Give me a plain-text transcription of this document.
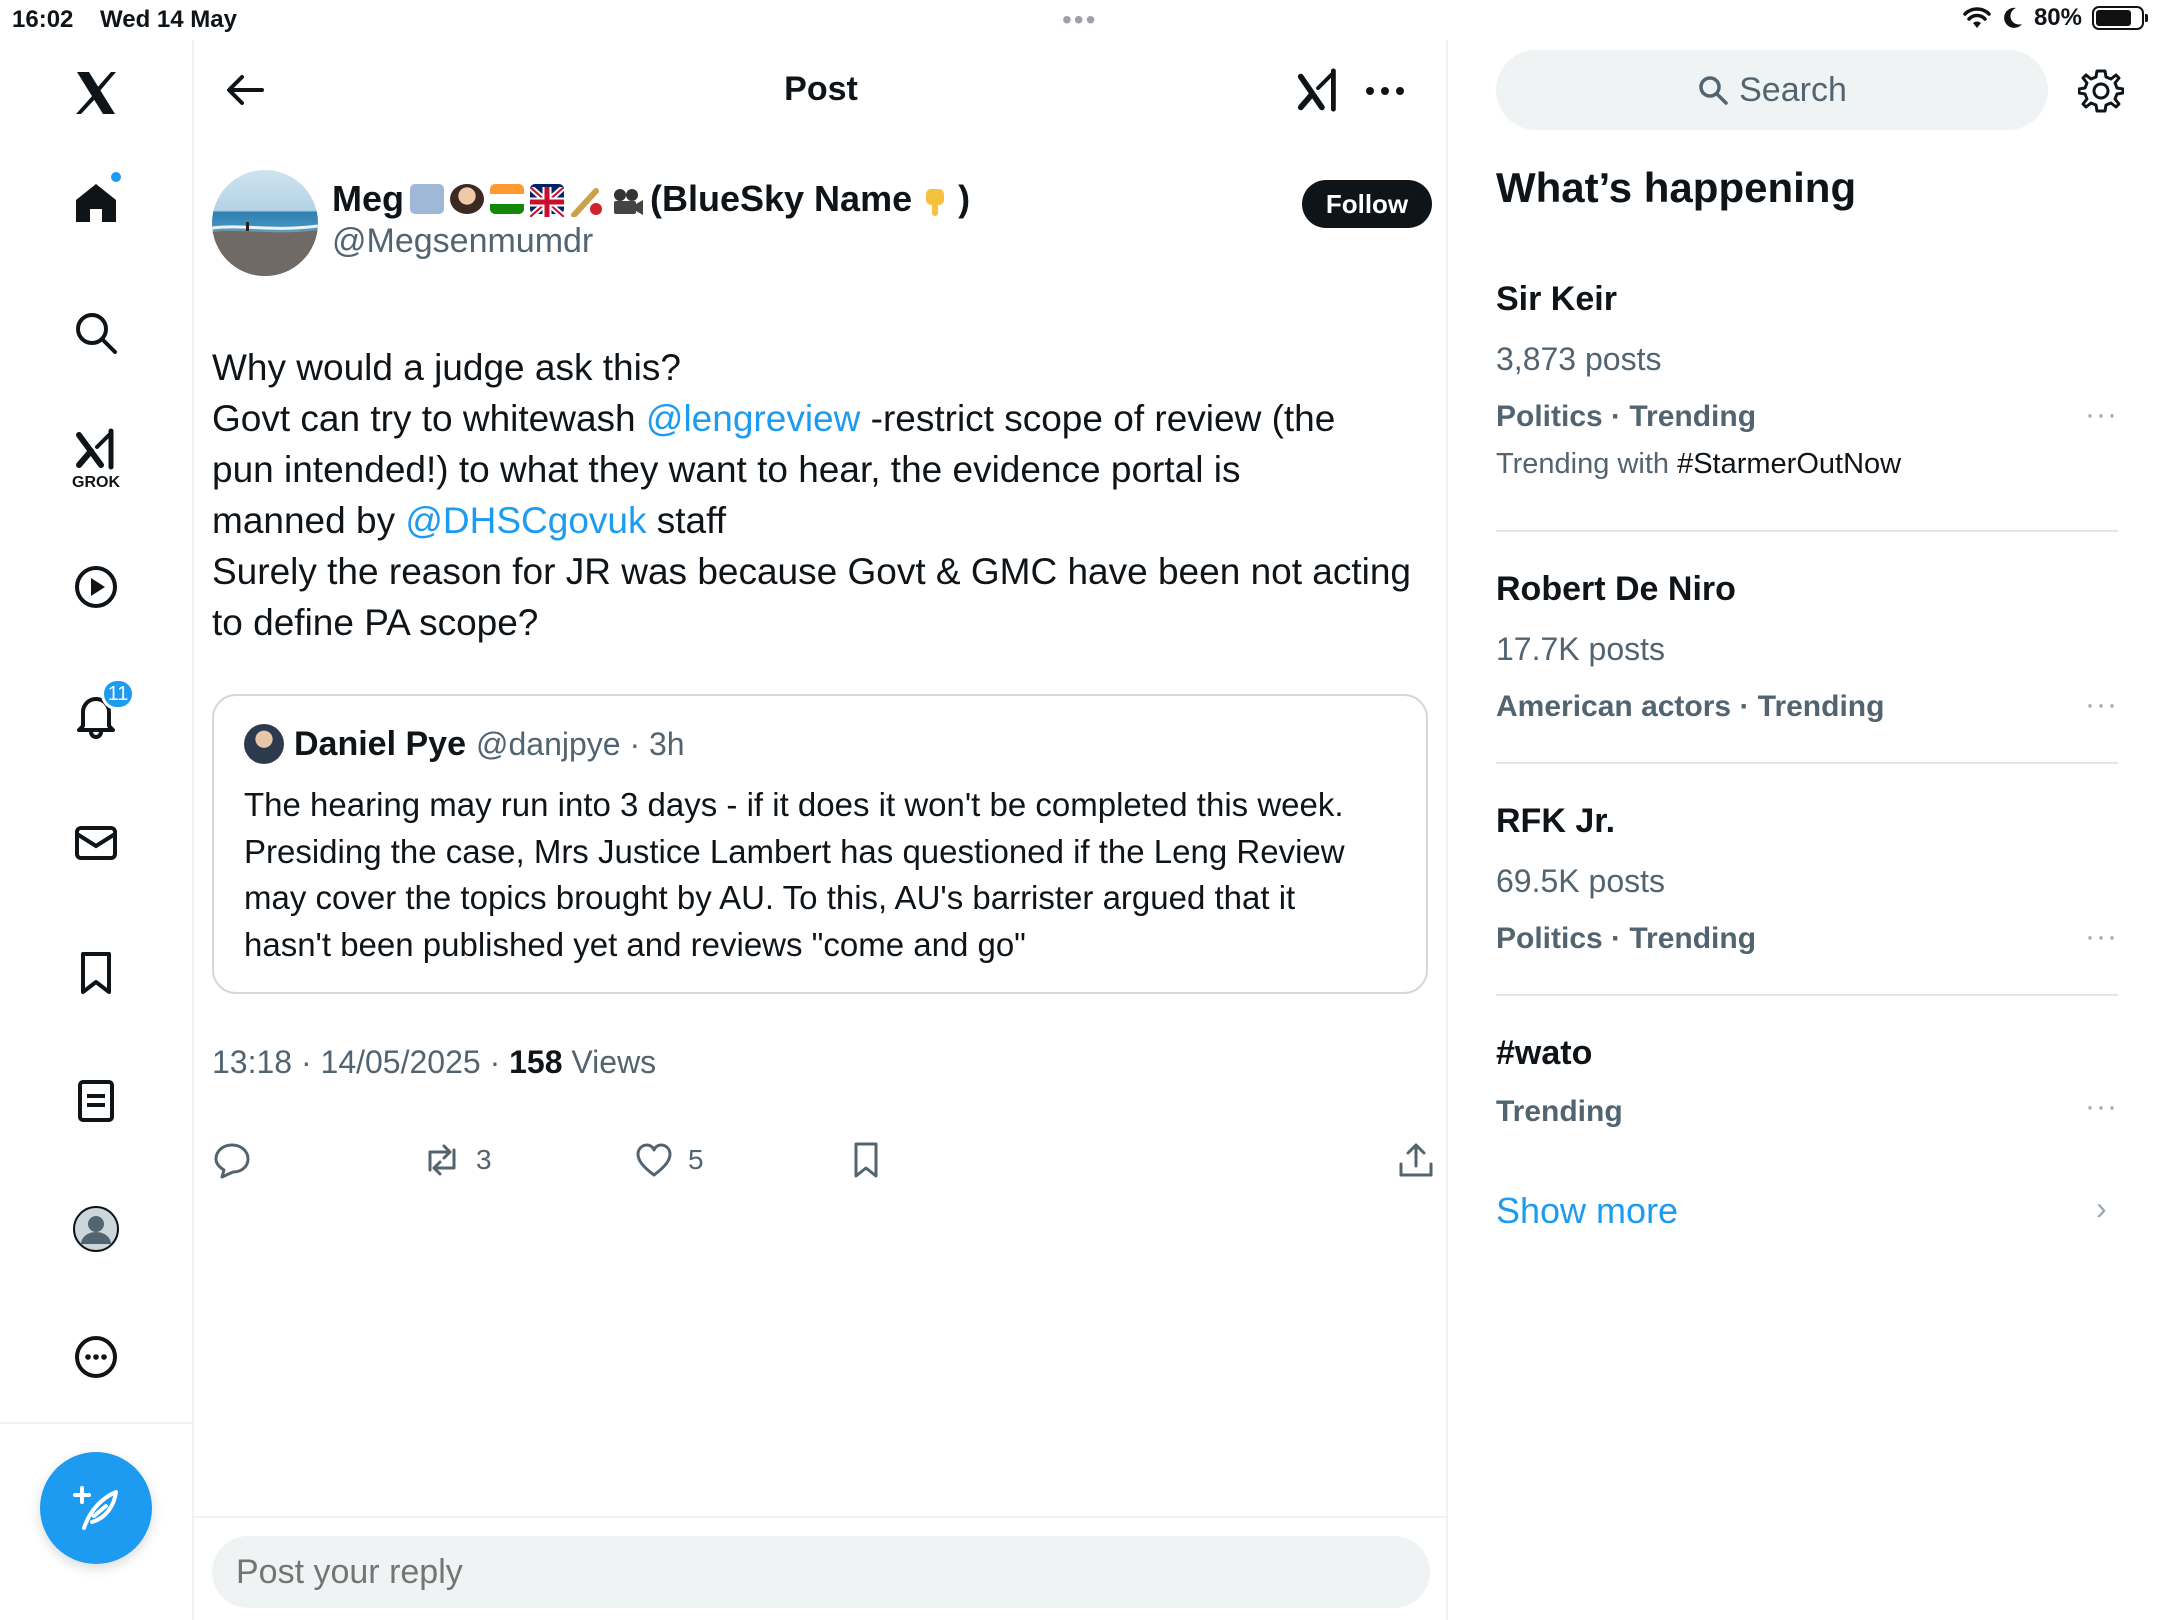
16:02 Wed 14 May	•••	80%
GROK
11
Post
Meg	(BlueSky Name )
@Megsenmumdr
Follow

Why would a judge ask this?

Govt can try to whitewash @lengreview -restrict scope of review (the

pun intended!) to what they want to hear, the evidence portal is

manned by @DHSCgovuk staff

Surely the reason for JR was because Govt & GMC have been not acting

to define PA scope?

Daniel Pye @danjpye · 3h

The hearing may run into 3 days - if it does it won't be completed this week.

Presiding the case, Mrs Justice Lambert has questioned if the Leng Review

may cover the topics brought by AU. To this, AU's barrister argued that it

hasn't been published yet and reviews "come and go"

13:18 · 14/05/2025 · 158 Views
3	5
Post your reply
Search
What’s happening
Sir Keir
3,873 posts
Politics · Trending
Trending with #StarmerOutNow
···
Robert De Niro
17.7K posts
American actors · Trending	···
RFK Jr.
69.5K posts
Politics · Trending	···
#wato
Trending	···
Show more	›
